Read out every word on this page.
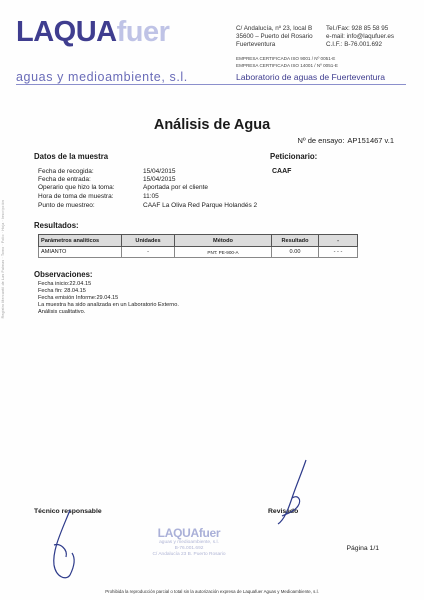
LAQUAfuer
aguas y medioambiente, s.l.
C/ Andalucía, nº 23, local B
35600 – Puerto del Rosario
Fuerteventura
Tel./Fax: 928 85 58 95
e-mail: info@laqufuer.es
C.I.F.: B-76.001.692
EMPRESA CERTIFICADA ISO 9001 / Nº 0051-E
EMPRESA CERTIFICADA ISO 14001 / Nº 0051-E
Laboratorio de aguas de Fuerteventura
Registro Mercantil de Las Palmas · Tomo · Folio · Hoja · Inscripción
Análisis de Agua
Nº de ensayo: AP151467 v.1
Datos de la muestra
Fecha de recogida:	15/04/2015
Fecha de entrada:	15/04/2015
Operario que hizo la toma:	Aportada por el cliente
Hora de toma de muestra:	11:05
Punto de muestreo:	CAAF La Oliva Red Parque Holandés 2
Peticionario:
CAAF
Resultados:
Parámetros analíticos	Unidades	Método	Resultado	-
AMIANTO	-	PNT: PE-900-A	0.00	- - -
Observaciones:
Fecha inicio:22.04.15
Fecha fin: 28.04.15
Fecha emisión Informe:29.04.15
La muestra ha sido analizada en un Laboratorio Externo.
Análisis cualitativo.
Técnico responsable	Revisado
LAQUAfuer
aguas y medioambiente, s.l.
B-76.001.692
C/ Andalucía 23 B. Puerto Rosario
Página 1/1
Prohibida la reproducción parcial o total sin la autorización expresa de Laquafuer Aguas y Medioambiente, s.l.
